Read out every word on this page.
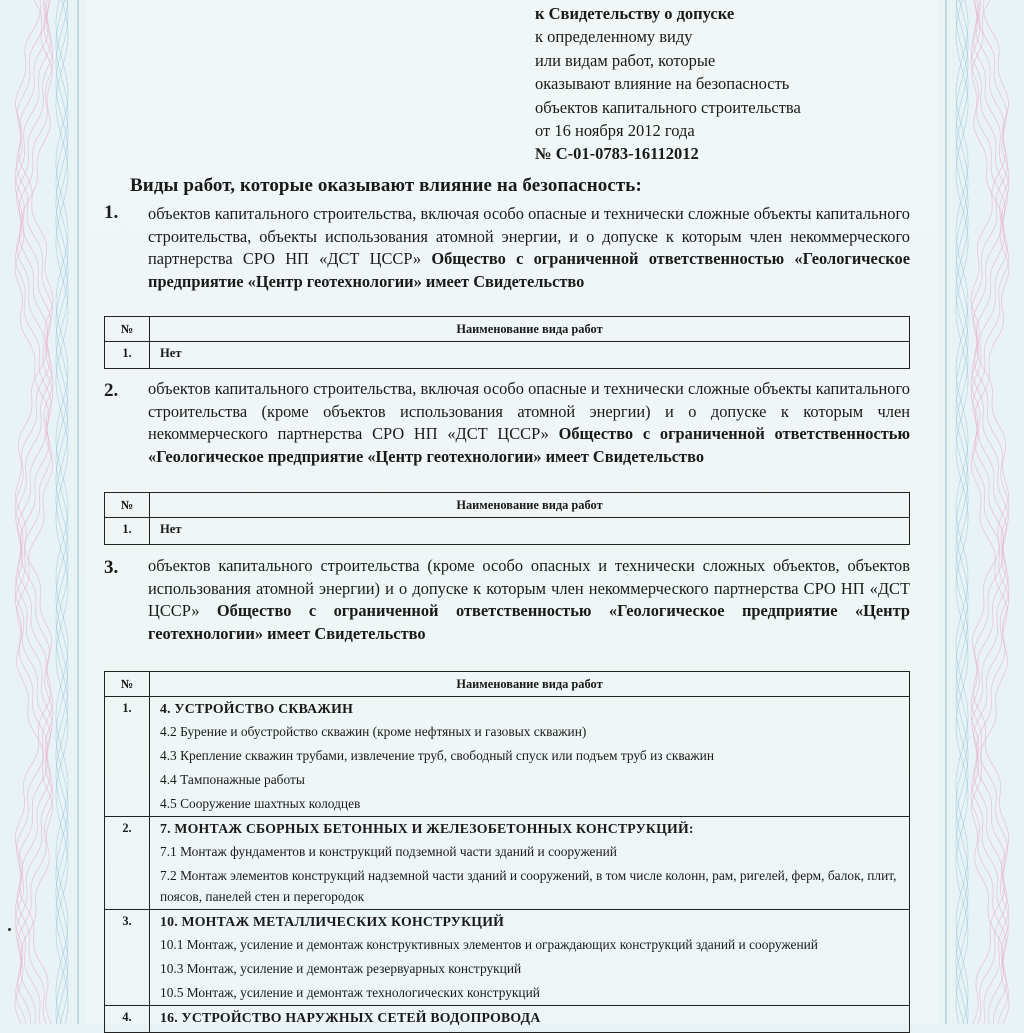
к Свидетельству о допуске
к определенному виду
или видам работ, которые
оказывают влияние на безопасность
объектов капитального строительства
от 16 ноября 2012 года
№ С-01-0783-16112012
Виды работ, которые оказывают влияние на безопасность:
1. объектов капитального строительства, включая особо опасные и технически сложные объекты капитального строительства, объекты использования атомной энергии, и о допуске к которым член некоммерческого партнерства СРО НП «ДСТ ЦССР» Общество с ограниченной ответственностью «Геологическое предприятие «Центр геотехнологии» имеет Свидетельство
№	Наименование вида работ
1.	Нет
2. объектов капитального строительства, включая особо опасные и технически сложные объекты капитального строительства (кроме объектов использования атомной энергии) и о допуске к которым член некоммерческого партнерства СРО НП «ДСТ ЦССР» Общество с ограниченной ответственностью «Геологическое предприятие «Центр геотехнологии» имеет Свидетельство
№	Наименование вида работ
1.	Нет
3. объектов капитального строительства (кроме особо опасных и технически сложных объектов, объектов использования атомной энергии) и о допуске к которым член некоммерческого партнерства СРО НП «ДСТ ЦССР» Общество с ограниченной ответственностью «Геологическое предприятие «Центр геотехнологии» имеет Свидетельство
№	Наименование вида работ
1.	4. УСТРОЙСТВО СКВАЖИН
4.2 Бурение и обустройство скважин (кроме нефтяных и газовых скважин)
4.3 Крепление скважин трубами, извлечение труб, свободный спуск или подъем труб из скважин
4.4 Тампонажные работы
4.5 Сооружение шахтных колодцев

2.	7. МОНТАЖ СБОРНЫХ БЕТОННЫХ И ЖЕЛЕЗОБЕТОННЫХ КОНСТРУКЦИЙ:
7.1 Монтаж фундаментов и конструкций подземной части зданий и сооружений
7.2 Монтаж элементов конструкций надземной части зданий и сооружений, в том числе колонн, рам, ригелей, ферм, балок, плит, поясов, панелей стен и перегородок

3.	10. МОНТАЖ МЕТАЛЛИЧЕСКИХ КОНСТРУКЦИЙ
10.1 Монтаж, усиление и демонтаж конструктивных элементов и ограждающих конструкций зданий и сооружений
10.3 Монтаж, усиление и демонтаж резервуарных конструкций
10.5 Монтаж, усиление и демонтаж технологических конструкций

4.	16. УСТРОЙСТВО НАРУЖНЫХ СЕТЕЙ ВОДОПРОВОДА
